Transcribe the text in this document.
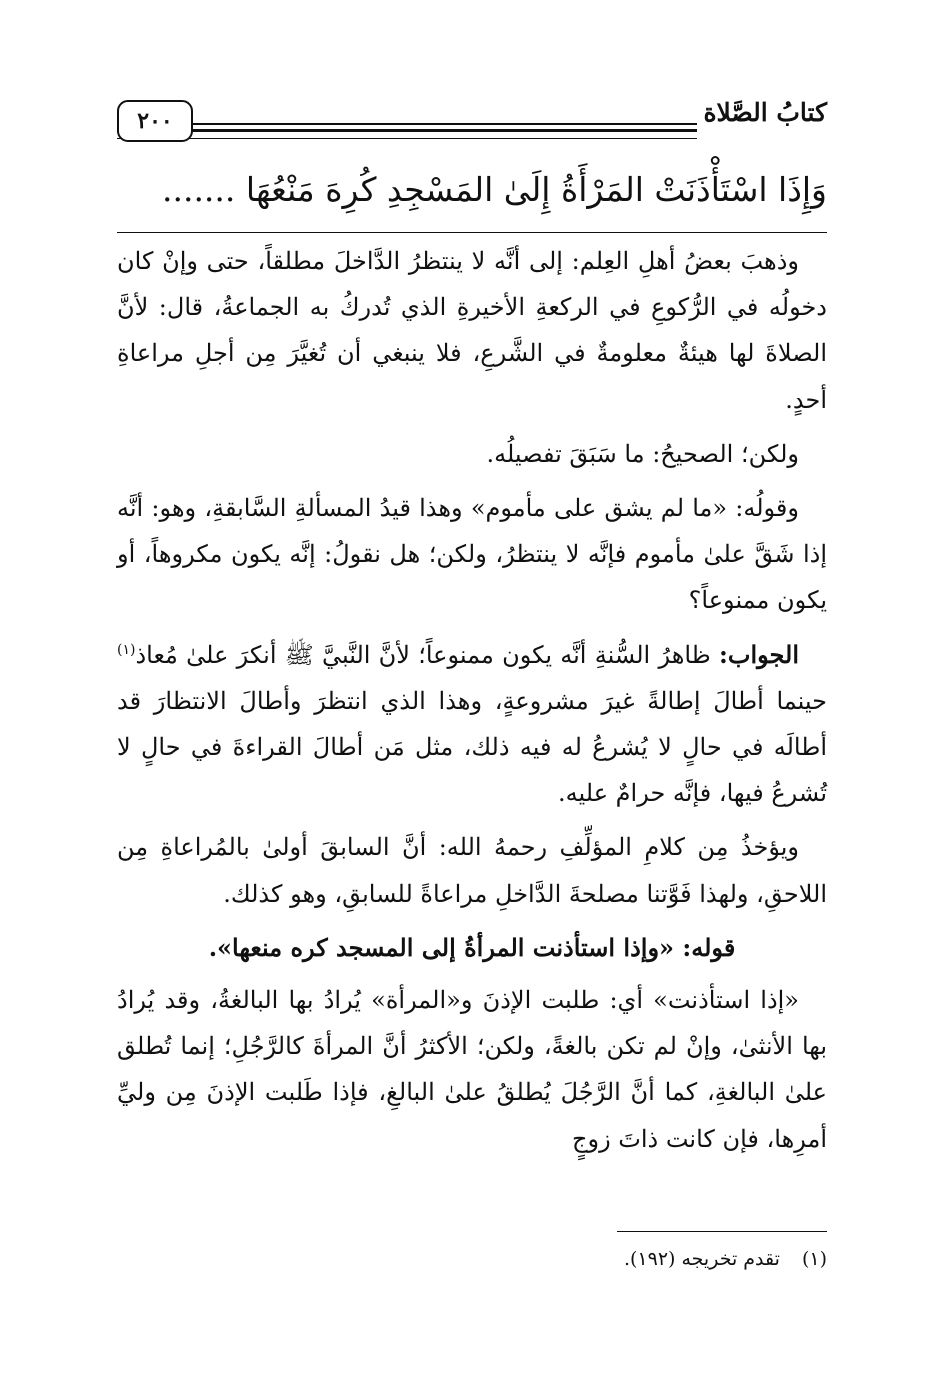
كتابُ الصَّلاة
٢٠٠
وَإِذَا اسْتَأْذَنَتْ المَرْأَةُ إِلَىٰ المَسْجِدِ كُرِهَ مَنْعُهَا .......

وذهبَ بعضُ أهلِ العِلم: إلى أنَّه لا ينتظرُ الدَّاخلَ مطلقاً، حتى وإنْ كان دخولُه في الرُّكوعِ في الركعةِ الأخيرةِ الذي تُدركُ به الجماعةُ، قال: لأنَّ الصلاةَ لها هيئةٌ معلومةٌ في الشَّرعِ، فلا ينبغي أن تُغيَّرَ مِن أجلِ مراعاةِ أحدٍ.

ولكن؛ الصحيحُ: ما سَبَقَ تفصيلُه.

وقولُه: «ما لم يشق على مأموم» وهذا قيدُ المسألةِ السَّابقةِ، وهو: أنَّه إذا شَقَّ علىٰ مأموم فإنَّه لا ينتظرُ، ولكن؛ هل نقولُ: إنَّه يكون مكروهاً، أو يكون ممنوعاً؟

الجواب: ظاهرُ السُّنةِ أنَّه يكون ممنوعاً؛ لأنَّ النَّبيَّ ﷺ أنكرَ علىٰ مُعاذ$^{(١)}$ حينما أطالَ إطالةً غيرَ مشروعةٍ، وهذا الذي انتظرَ وأطالَ الانتظارَ قد أطالَه في حالٍ لا يُشرعُ له فيه ذلك، مثل مَن أطالَ القراءةَ في حالٍ لا تُشرعُ فيها، فإنَّه حرامٌ عليه.

ويؤخذُ مِن كلامِ المؤلِّفِ رحمهُ الله: أنَّ السابقَ أولىٰ بالمُراعاةِ مِن اللاحقِ، ولهذا فَوَّتنا مصلحةَ الدَّاخلِ مراعاةً للسابقِ، وهو كذلك.

قوله: «وإذا استأذنت المرأةُ إلى المسجد كره منعها».

«إذا استأذنت» أي: طلبت الإذنَ و«المرأة» يُرادُ بها البالغةُ، وقد يُرادُ بها الأنثىٰ، وإنْ لم تكن بالغةً، ولكن؛ الأكثرُ أنَّ المرأةَ كالرَّجُلِ؛ إنما تُطلق علىٰ البالغةِ، كما أنَّ الرَّجُلَ يُطلقُ علىٰ البالغِ، فإذا طَلبت الإذنَ مِن وليِّ أمرِها، فإن كانت ذاتَ زوجٍ

(١)تقدم تخريجه (١٩٢).
